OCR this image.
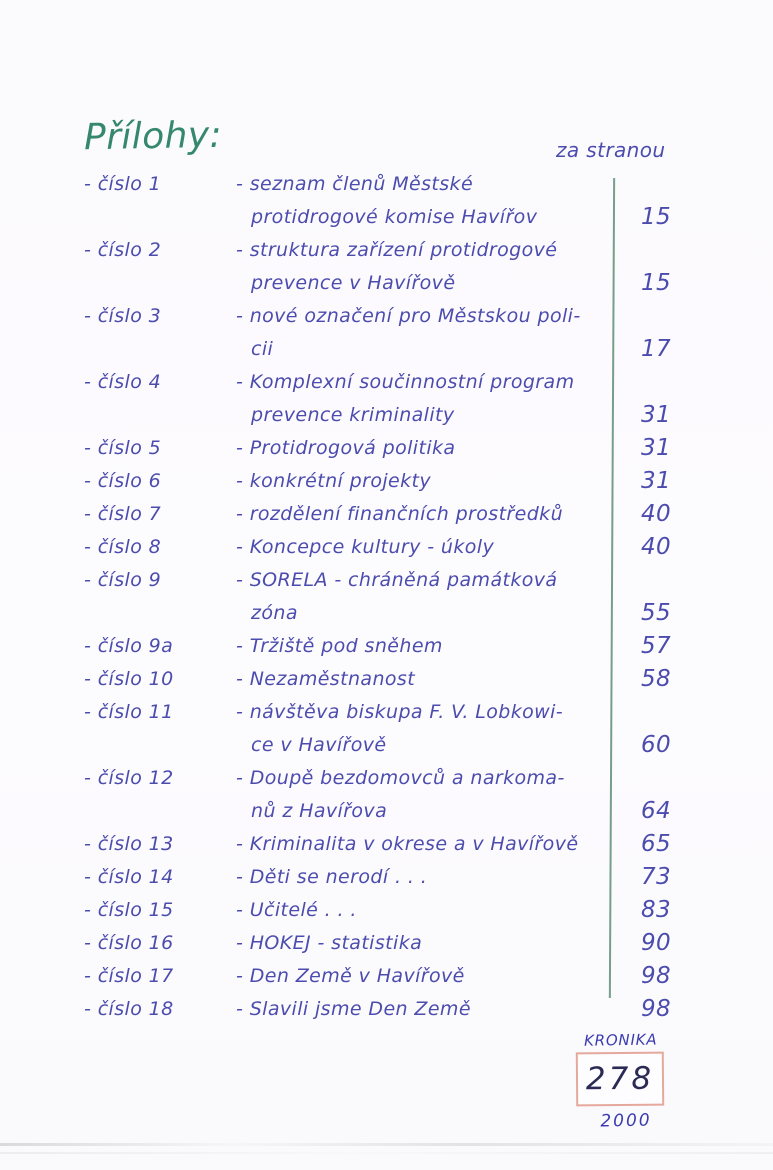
Přílohy:	za stranou
- číslo 1	- seznam členů Městské
protidrogové komise Havířov	15
- číslo 2	- struktura zařízení protidrogové
prevence v Havířově	15
- číslo 3	- nové označení pro Městskou poli-
cii	17
- číslo 4	- Komplexní součinnostní program
prevence kriminality	31
- číslo 5	- Protidrogová politika	31
- číslo 6	- konkrétní projekty	31
- číslo 7	- rozdělení finančních prostředků	40
- číslo 8	- Koncepce kultury - úkoly	40
- číslo 9	- SORELA - chráněná památková
zóna	55
- číslo 9a	- Tržiště pod sněhem	57
- číslo 10	- Nezaměstnanost	58
- číslo 11	- návštěva biskupa F. V. Lobkowi-
ce v Havířově	60
- číslo 12	- Doupě bezdomovců a narkoma-
nů z Havířova	64
- číslo 13	- Kriminalita v okrese a v Havířově	65
- číslo 14	- Děti se nerodí . . .	73
- číslo 15	- Učitelé . . .	83
- číslo 16	- HOKEJ - statistika	90
- číslo 17	- Den Země v Havířově	98
- číslo 18	- Slavili jsme Den Země	98
KRONIKA
278
2000
